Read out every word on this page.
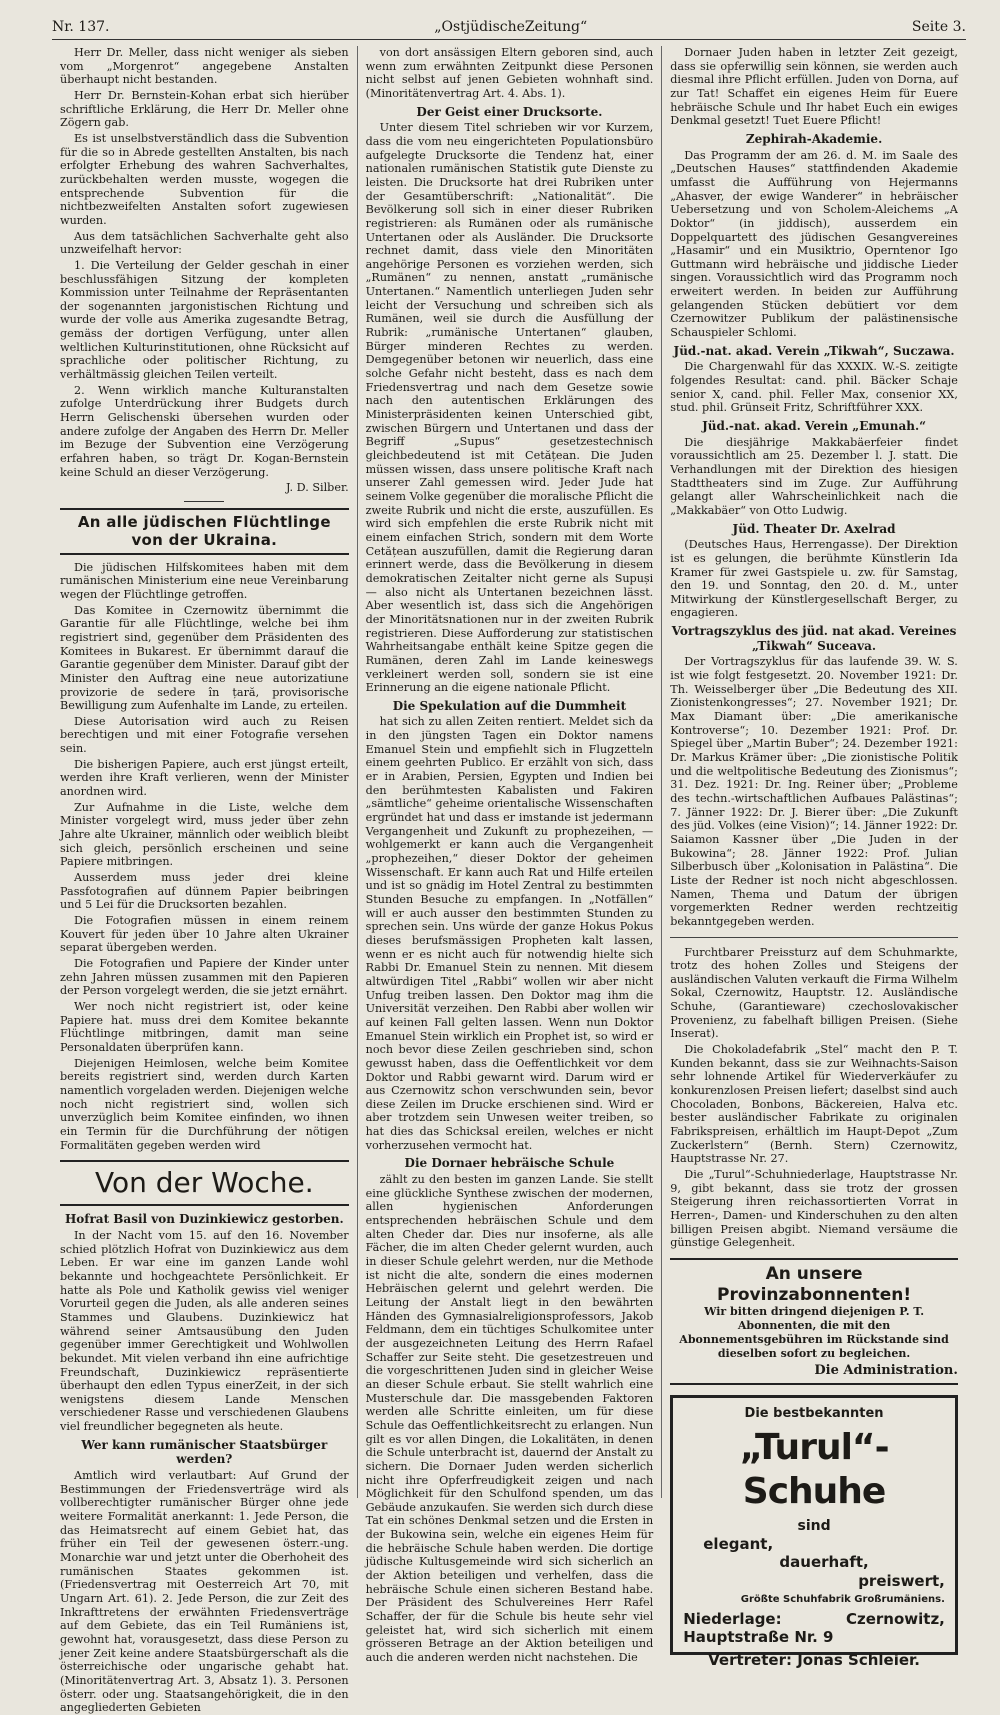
Nr. 137.	„OstjüdischeZeitung“	Seite 3.

Herr Dr. Meller, dass nicht weniger als sieben vom „Morgenrot“ angegebene Anstalten überhaupt nicht bestanden.

Herr Dr. Bernstein-Kohan erbat sich hierüber schriftliche Erklärung, die Herr Dr. Meller ohne Zögern gab.

Es ist unselbstverständlich dass die Subvention für die so in Abrede gestellten Anstalten, bis nach erfolgter Erhebung des wahren Sachverhaltes, zurückbehalten werden musste, wogegen die entsprechende Subvention für die nichtbezweifelten Anstalten sofort zugewiesen wurden.

Aus dem tatsächlichen Sachverhalte geht also unzweifelhaft hervor:

1. Die Verteilung der Gelder geschah in einer beschlussfähigen Sitzung der kompleten Kommission unter Teilnahme der Repräsentanten der sogenannten jargonistischen Richtung und wurde der volle aus Amerika zugesandte Betrag, gemäss der dortigen Verfügung, unter allen weltlichen Kulturinstitutionen, ohne Rücksicht auf sprachliche oder politischer Richtung, zu verhältmässig gleichen Teilen verteilt.

2. Wenn wirklich manche Kulturanstalten zufolge Unterdrückung ihrer Budgets durch Herrn Gelischenski übersehen wurden oder andere zufolge der Angaben des Herrn Dr. Meller im Bezuge der Subvention eine Verzögerung erfahren haben, so trägt Dr. Kogan-Bernstein keine Schuld an dieser Verzögerung.

J. D. Silber.
An alle jüdischen Flüchtlinge von der Ukraina.

Die jüdischen Hilfskomitees haben mit dem rumänischen Ministerium eine neue Vereinbarung wegen der Flüchtlinge getroffen.

Das Komitee in Czernowitz übernimmt die Garantie für alle Flüchtlinge, welche bei ihm registriert sind, gegenüber dem Präsidenten des Komitees in Bukarest. Er übernimmt darauf die Garantie gegenüber dem Minister. Darauf gibt der Minister den Auftrag eine neue autorizatiune provizorie de sedere în țară, provisorische Bewilligung zum Aufenhalte im Lande, zu erteilen.

Diese Autorisation wird auch zu Reisen berechtigen und mit einer Fotografie versehen sein.

Die bisherigen Papiere, auch erst jüngst erteilt, werden ihre Kraft verlieren, wenn der Minister anordnen wird.

Zur Aufnahme in die Liste, welche dem Minister vorgelegt wird, muss jeder über zehn Jahre alte Ukrainer, männlich oder weiblich bleibt sich gleich, persönlich erscheinen und seine Papiere mitbringen.

Ausserdem muss jeder drei kleine Passfotografien auf dünnem Papier beibringen und 5 Lei für die Drucksorten bezahlen.

Die Fotografien müssen in einem reinem Kouvert für jeden über 10 Jahre alten Ukrainer separat übergeben werden.

Die Fotografien und Papiere der Kinder unter zehn Jahren müssen zusammen mit den Papieren der Person vorgelegt werden, die sie jetzt ernährt.

Wer noch nicht registriert ist, oder keine Papiere hat. muss drei dem Komitee bekannte Flüchtlinge mitbringen, damit man seine Personaldaten überprüfen kann.

Diejenigen Heimlosen, welche beim Komitee bereits registriert sind, werden durch Karten namentlich vorgeladen werden. Diejenigen welche noch nicht registriert sind, wollen sich unverzüglich beim Komitee einfinden, wo ihnen ein Termin für die Durchführung der nötigen Formalitäten gegeben werden wird

Von der Woche.
Hofrat Basil von Duzinkiewicz gestorben.

In der Nacht vom 15. auf den 16. November schied plötzlich Hofrat von Duzinkiewicz aus dem Leben. Er war eine im ganzen Lande wohl bekannte und hochgeachtete Persönlichkeit. Er hatte als Pole und Katholik gewiss viel weniger Vorurteil gegen die Juden, als alle anderen seines Stammes und Glaubens. Duzinkiewicz hat während seiner Amtsausübung den Juden gegenüber immer Gerechtigkeit und Wohlwollen bekundet. Mit vielen verband ihn eine aufrichtige Freundschaft, Duzinkiewicz repräsentierte überhaupt den edlen Typus einerZeit, in der sich wenigstens diesem Lande Menschen verschiedener Rasse und verschiedenen Glaubens viel freundlicher begegneten als heute.

Wer kann rumänischer Staatsbürger werden?

Amtlich wird verlautbart: Auf Grund der Bestimmungen der Friedensverträge wird als vollberechtigter rumänischer Bürger ohne jede weitere Formalität anerkannt: 1. Jede Person, die das Heimatsrecht auf einem Gebiet hat, das früher ein Teil der gewesenen österr.-ung. Monarchie war und jetzt unter die Oberhoheit des rumänischen Staates gekommen ist. (Friedensvertrag mit Oesterreich Art 70, mit Ungarn Art. 61). 2. Jede Person, die zur Zeit des Inkrafttretens der erwähnten Friedensverträge auf dem Gebiete, das ein Teil Rumäniens ist, gewohnt hat, vorausgesetzt, dass diese Person zu jener Zeit keine andere Staatsbürgerschaft als die österreichische oder ungarische gehabt hat. (Minoritätenvertrag Art. 3, Absatz 1). 3. Personen österr. oder ung. Staatsangehörigkeit, die in den angegliederten Gebieten

von dort ansässigen Eltern geboren sind, auch wenn zum erwähnten Zeitpunkt diese Personen nicht selbst auf jenen Gebieten wohnhaft sind. (Minoritätenvertrag Art. 4. Abs. 1).

Der Geist einer Drucksorte.

Unter diesem Titel schrieben wir vor Kurzem, dass die vom neu eingerichteten Populationsbüro aufgelegte Drucksorte die Tendenz hat, einer nationalen rumänischen Statistik gute Dienste zu leisten. Die Drucksorte hat drei Rubriken unter der Gesamtüberschrift: „Nationalität“. Die Bevölkerung soll sich in einer dieser Rubriken registrieren: als Rumänen oder als rumänische Untertanen oder als Ausländer. Die Drucksorte rechnet damit, dass viele den Minoritäten angehörige Personen es vorziehen werden, sich „Rumänen“ zu nennen, anstatt „rumänische Untertanen.“ Namentlich unterliegen Juden sehr leicht der Versuchung und schreiben sich als Rumänen, weil sie durch die Ausfüllung der Rubrik: „rumänische Untertanen“ glauben, Bürger minderen Rechtes zu werden. Demgegenüber betonen wir neuerlich, dass eine solche Gefahr nicht besteht, dass es nach dem Friedensvertrag und nach dem Gesetze sowie nach den autentischen Erklärungen des Ministerpräsidenten keinen Unterschied gibt, zwischen Bürgern und Untertanen und dass der Begriff „Supus“ gesetzestechnisch gleichbedeutend ist mit Cetățean. Die Juden müssen wissen, dass unsere politische Kraft nach unserer Zahl gemessen wird. Jeder Jude hat seinem Volke gegenüber die moralische Pflicht die zweite Rubrik und nicht die erste, auszufüllen. Es wird sich empfehlen die erste Rubrik nicht mit einem einfachen Strich, sondern mit dem Worte Cetățean auszufüllen, damit die Regierung daran erinnert werde, dass die Bevölkerung in diesem demokratischen Zeitalter nicht gerne als Supuși — also nicht als Untertanen bezeichnen lässt. Aber wesentlich ist, dass sich die Angehörigen der Minoritätsnationen nur in der zweiten Rubrik registrieren. Diese Aufforderung zur statistischen Wahrheitsangabe enthält keine Spitze gegen die Rumänen, deren Zahl im Lande keineswegs verkleinert werden soll, sondern sie ist eine Erinnerung an die eigene nationale Pflicht.

Die Spekulation auf die Dummheit

hat sich zu allen Zeiten rentiert. Meldet sich da in den jüngsten Tagen ein Doktor namens Emanuel Stein und empfiehlt sich in Flugzetteln einem geehrten Publico. Er erzählt von sich, dass er in Arabien, Persien, Egypten und Indien bei den berühmtesten Kabalisten und Fakiren „sämtliche“ geheime orientalische Wissenschaften ergründet hat und dass er imstande ist jedermann Vergangenheit und Zukunft zu prophezeihen, — wohlgemerkt er kann auch die Vergangenheit „prophezeihen,“ dieser Doktor der geheimen Wissenschaft. Er kann auch Rat und Hilfe erteilen und ist so gnädig im Hotel Zentral zu bestimmten Stunden Besuche zu empfangen. In „Notfällen“ will er auch ausser den bestimmten Stunden zu sprechen sein. Uns würde der ganze Hokus Pokus dieses berufsmässigen Propheten kalt lassen, wenn er es nicht auch für notwendig hielte sich Rabbi Dr. Emanuel Stein zu nennen. Mit diesem altwürdigen Titel „Rabbi“ wollen wir aber nicht Unfug treiben lassen. Den Doktor mag ihm die Universität verzeihen. Den Rabbi aber wollen wir auf keinen Fall gelten lassen. Wenn nun Doktor Emanuel Stein wirklich ein Prophet ist, so wird er noch bevor diese Zeilen geschrieben sind, schon gewusst haben, dass die Oeffentlichkeit vor dem Doktor und Rabbi gewarnt wird. Darum wird er aus Czernowitz schon verschwunden sein, bevor diese Zeilen im Drucke erschienen sind. Wird er aber trotzdem sein Unwesen weiter treiben, so hat dies das Schicksal ereilen, welches er nicht vorherzusehen vermocht hat.

Die Dornaer hebräische Schule

zählt zu den besten im ganzen Lande. Sie stellt eine glückliche Synthese zwischen der modernen, allen hygienischen Anforderungen entsprechenden hebräischen Schule und dem alten Cheder dar. Dies nur insoferne, als alle Fächer, die im alten Cheder gelernt wurden, auch in dieser Schule gelehrt werden, nur die Methode ist nicht die alte, sondern die eines modernen Hebräischen gelernt und gelehrt werden. Die Leitung der Anstalt liegt in den bewährten Händen des Gymnasialreligionsprofessors, Jakob Feldmann, dem ein tüchtiges Schulkomitee unter der ausgezeichneten Leitung des Herrn Rafael Schaffer zur Seite steht. Die gesetzestreuen und die vorgeschrittenen Juden sind in gleicher Weise an dieser Schule erbaut. Sie stellt wahrlich eine Musterschule dar. Die massgebenden Faktoren werden alle Schritte einleiten, um für diese Schule das Oeffentlichkeitsrecht zu erlangen. Nun gilt es vor allen Dingen, die Lokalitäten, in denen die Schule unterbracht ist, dauernd der Anstalt zu sichern. Die Dornaer Juden werden sicherlich nicht ihre Opferfreudigkeit zeigen und nach Möglichkeit für den Schulfond spenden, um das Gebäude anzukaufen. Sie werden sich durch diese Tat ein schönes Denkmal setzen und die Ersten in der Bukowina sein, welche ein eigenes Heim für die hebräische Schule haben werden. Die dortige jüdische Kultusgemeinde wird sich sicherlich an der Aktion beteiligen und verhelfen, dass die hebräische Schule einen sicheren Bestand habe. Der Präsident des Schulvereines Herr Rafel Schaffer, der für die Schule bis heute sehr viel geleistet hat, wird sich sicherlich mit einem grösseren Betrage an der Aktion beteiligen und auch die anderen werden nicht nachstehen. Die

Dornaer Juden haben in letzter Zeit gezeigt, dass sie opferwillig sein können, sie werden auch diesmal ihre Pflicht erfüllen. Juden von Dorna, auf zur Tat! Schaffet ein eigenes Heim für Euere hebräische Schule und Ihr habet Euch ein ewiges Denkmal gesetzt! Tuet Euere Pflicht!

Zephirah-Akademie.

Das Programm der am 26. d. M. im Saale des „Deutschen Hauses“ stattfindenden Akademie umfasst die Aufführung von Hejermanns „Ahasver, der ewige Wanderer“ in hebräischer Uebersetzung und von Scholem-Aleichems „A Doktor“ (in jiddisch), ausserdem ein Doppelquartett des jüdischen Gesangvereines „Hasamir“ und ein Musiktrio, Operntenor Igo Guttmann wird hebräische und jiddische Lieder singen. Voraussichtlich wird das Programm noch erweitert werden. In beiden zur Aufführung gelangenden Stücken debütiert vor dem Czernowitzer Publikum der palästinensische Schauspieler Schlomi.

Jüd.-nat. akad. Verein „Tikwah“, Suczawa.

Die Chargenwahl für das XXXIX. W.-S. zeitigte folgendes Resultat: cand. phil. Bäcker Schaje senior X, cand. phil. Feller Max, consenior XX, stud. phil. Grünseit Fritz, Schriftführer XXX.

Jüd.-nat. akad. Verein „Emunah.“

Die diesjährige Makkabäerfeier findet voraussichtlich am 25. Dezember l. J. statt. Die Verhandlungen mit der Direktion des hiesigen Stadttheaters sind im Zuge. Zur Aufführung gelangt aller Wahrscheinlichkeit nach die „Makkabäer“ von Otto Ludwig.

Jüd. Theater Dr. Axelrad

(Deutsches Haus, Herrengasse). Der Direktion ist es gelungen, die berühmte Künstlerin Ida Kramer für zwei Gastspiele u. zw. für Samstag, den 19. und Sonntag, den 20. d. M., unter Mitwirkung der Künstlergesellschaft Berger, zu engagieren.

Vortragszyklus des jüd. nat akad. Vereines „Tikwah“ Suceava.

Der Vortragszyklus für das laufende 39. W. S. ist wie folgt festgesetzt. 20. November 1921: Dr. Th. Weisselberger über „Die Bedeutung des XII. Zionistenkongresses“; 27. November 1921; Dr. Max Diamant über: „Die amerikanische Kontroverse“; 10. Dezember 1921: Prof. Dr. Spiegel über „Martin Buber“; 24. Dezember 1921: Dr. Markus Krämer über: „Die zionistische Politik und die weltpolitische Bedeutung des Zionismus“; 31. Dez. 1921: Dr. Ing. Reiner über; „Probleme des techn.-wirtschaftlichen Aufbaues Palästinas“; 7. Jänner 1922: Dr. J. Bierer über: „Die Zukunft des jüd. Volkes (eine Vision)“; 14. Jänner 1922: Dr. Saiamon Kassner über „Die Juden in der Bukowina“; 28. Jänner 1922: Prof. Julian Silberbusch über „Kolonisation in Palästina“. Die Liste der Redner ist noch nicht abgeschlossen. Namen, Thema und Datum der übrigen vorgemerkten Redner werden rechtzeitig bekanntgegeben werden.

Furchtbarer Preissturz auf dem Schuhmarkte, trotz des hohen Zolles und Steigens der ausländischen Valuten verkauft die Firma Wilhelm Sokal, Czernowitz, Hauptstr. 12. Ausländische Schuhe, (Garantieware) czechoslovakischer Provenienz, zu fabelhaft billigen Preisen. (Siehe Inserat).

Die Chokoladefabrik „Stel“ macht den P. T. Kunden bekannt, dass sie zur Weihnachts-Saison sehr lohnende Artikel für Wiederverkäufer zu konkurenzlosen Preisen liefert; daselbst sind auch Chocoladen, Bonbons, Bäckereien, Halva etc. bester ausländischer Fabrikate zu originalen Fabrikspreisen, erhältlich im Haupt-Depot „Zum Zuckerlstern“ (Bernh. Stern) Czernowitz, Hauptstrasse Nr. 27.

Die „Turul“-Schuhniederlage, Hauptstrasse Nr. 9, gibt bekannt, dass sie trotz der grossen Steigerung ihren reichassortierten Vorrat in Herren-, Damen- und Kinderschuhen zu den alten billigen Preisen abgibt. Niemand versäume die günstige Gelegenheit.

An unsere Provinzabonnenten!
Wir bitten dringend diejenigen P. T. Abonnenten, die mit den Abonnementsgebühren im Rückstande sind dieselben sofort zu begleichen.
Die Administration.
Die bestbekannten
„Turul“-Schuhe
sind
elegant,
dauerhaft,
preiswert,
Größte Schuhfabrik Großrumäniens.
Niederlage: Czernowitz, Hauptstraße Nr. 9
Vertreter: Jonas Schleier.
